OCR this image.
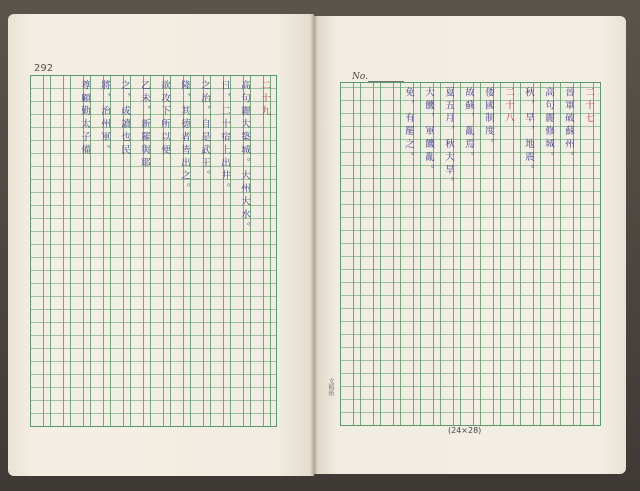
292
二十九
高句麗大築城。大州大水。
日，二十宿上出井。
之治，自是武王。
隆，其德者皆出之。
欲攻下所以便
乙未，新羅與耶
之，成讀也民
將，治州軍。
尊顧勤太子備
No.
二十七
晉軍破蘇州。
高句麗修城。
秋，旱，地震。
二十八
倭國制度。
故蘇，亂焉。
夏五月，秋大旱。
大饑，軍饑亂。
免，有罷之。
(24×28)
文稿紙
